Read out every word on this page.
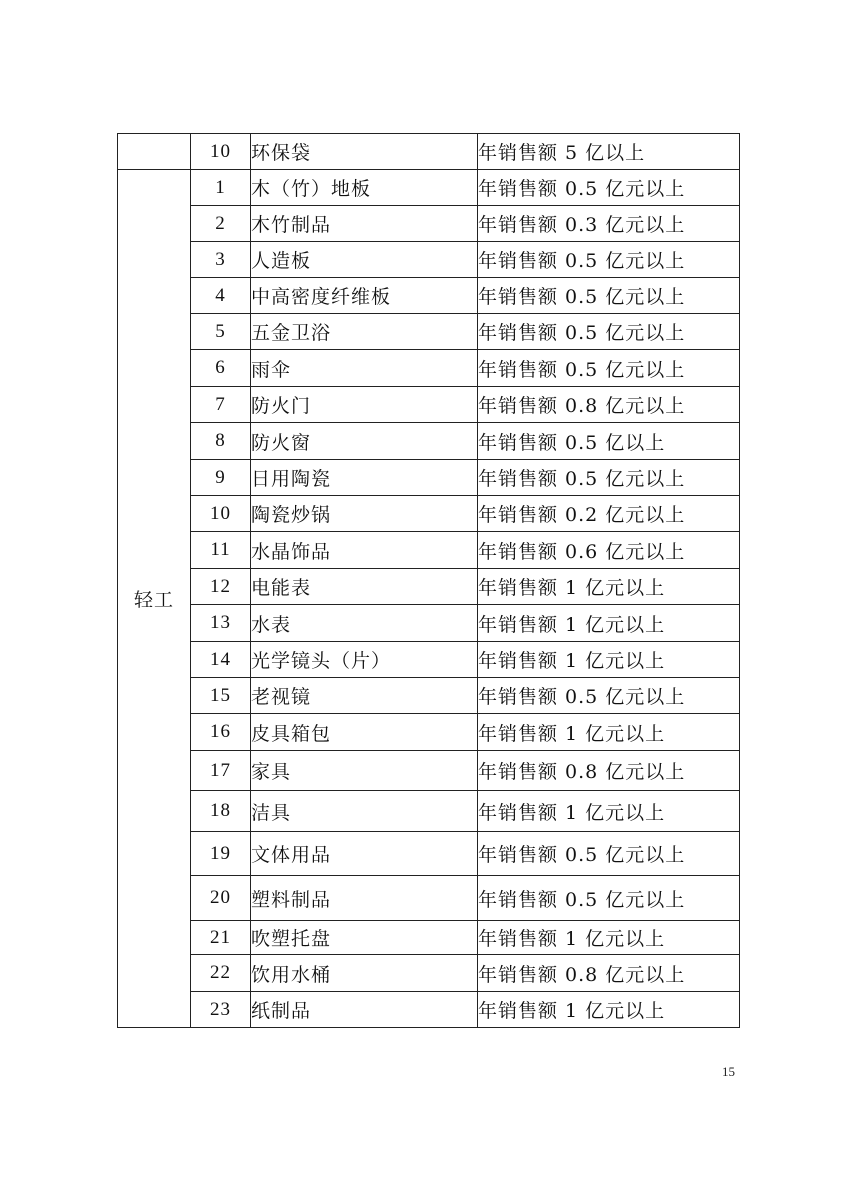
	10	环保袋	年销售额 5 亿以上
轻工	1	木（竹）地板	年销售额 0.5 亿元以上
	2	木竹制品	年销售额 0.3 亿元以上
	3	人造板	年销售额 0.5 亿元以上
	4	中高密度纤维板	年销售额 0.5 亿元以上
	5	五金卫浴	年销售额 0.5 亿元以上
	6	雨伞	年销售额 0.5 亿元以上
	7	防火门	年销售额 0.8 亿元以上
	8	防火窗	年销售额 0.5 亿以上
	9	日用陶瓷	年销售额 0.5 亿元以上
	10	陶瓷炒锅	年销售额 0.2 亿元以上
	11	水晶饰品	年销售额 0.6 亿元以上
	12	电能表	年销售额 1 亿元以上
	13	水表	年销售额 1 亿元以上
	14	光学镜头（片）	年销售额 1 亿元以上
	15	老视镜	年销售额 0.5 亿元以上
	16	皮具箱包	年销售额 1 亿元以上
	17	家具	年销售额 0.8 亿元以上
	18	洁具	年销售额 1 亿元以上
	19	文体用品	年销售额 0.5 亿元以上
	20	塑料制品	年销售额 0.5 亿元以上
	21	吹塑托盘	年销售额 1 亿元以上
	22	饮用水桶	年销售额 0.8 亿元以上
	23	纸制品	年销售额 1 亿元以上
15
